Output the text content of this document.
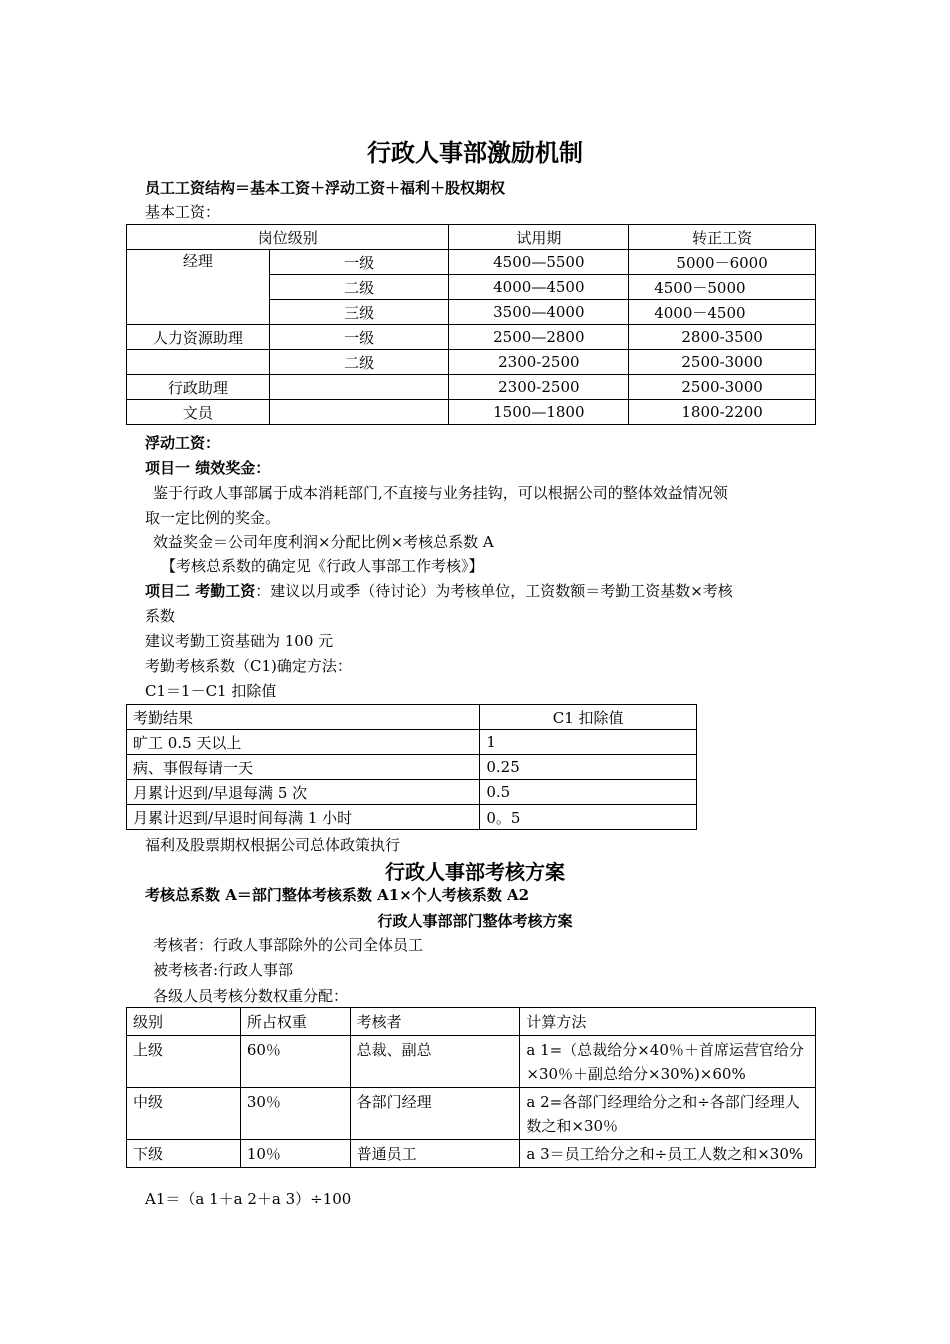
行政人事部激励机制
员工工资结构＝基本工资＋浮动工资＋福利＋股权期权
基本工资：
岗位级别		试用期	转正工资
经理	一级	4500—5500	5000－6000
	二级	4000—4500	4500－5000
	三级	3500—4000	4000－4500
人力资源助理	一级	2500—2800	2800-3500
	二级	2300-2500	2500-3000
行政助理		2300-2500	2500-3000
文员		1500—1800	1800-2200
浮动工资：
项目一 绩效奖金：
鉴于行政人事部属于成本消耗部门,不直接与业务挂钩，可以根据公司的整体效益情况领
取一定比例的奖金。
效益奖金＝公司年度利润×分配比例×考核总系数 A
【考核总系数的确定见《行政人事部工作考核》】
项目二 考勤工资：建议以月或季（待讨论）为考核单位，工资数额＝考勤工资基数×考核
系数
建议考勤工资基础为 100 元
考勤考核系数（C1)确定方法：
C1＝1－C1 扣除值
考勤结果	C1 扣除值
旷工 0.5 天以上	1
病、事假每请一天	0.25
月累计迟到/早退每满 5 次	0.5
月累计迟到/早退时间每满 1 小时	0。5
福利及股票期权根据公司总体政策执行
行政人事部考核方案
考核总系数 A＝部门整体考核系数 A1×个人考核系数 A2
行政人事部部门整体考核方案
考核者：行政人事部除外的公司全体员工
被考核者:行政人事部
各级人员考核分数权重分配：
级别	所占权重	考核者	计算方法
上级	60％	总裁、副总	a 1=（总裁给分×40％＋首席运营官给分×30％＋副总给分×30%)×60%
中级	30％	各部门经理	a 2=各部门经理给分之和÷各部门经理人数之和×30％
下级	10％	普通员工	a 3＝员工给分之和÷员工人数之和×30%
A1＝（a 1＋a 2＋a 3）÷100
